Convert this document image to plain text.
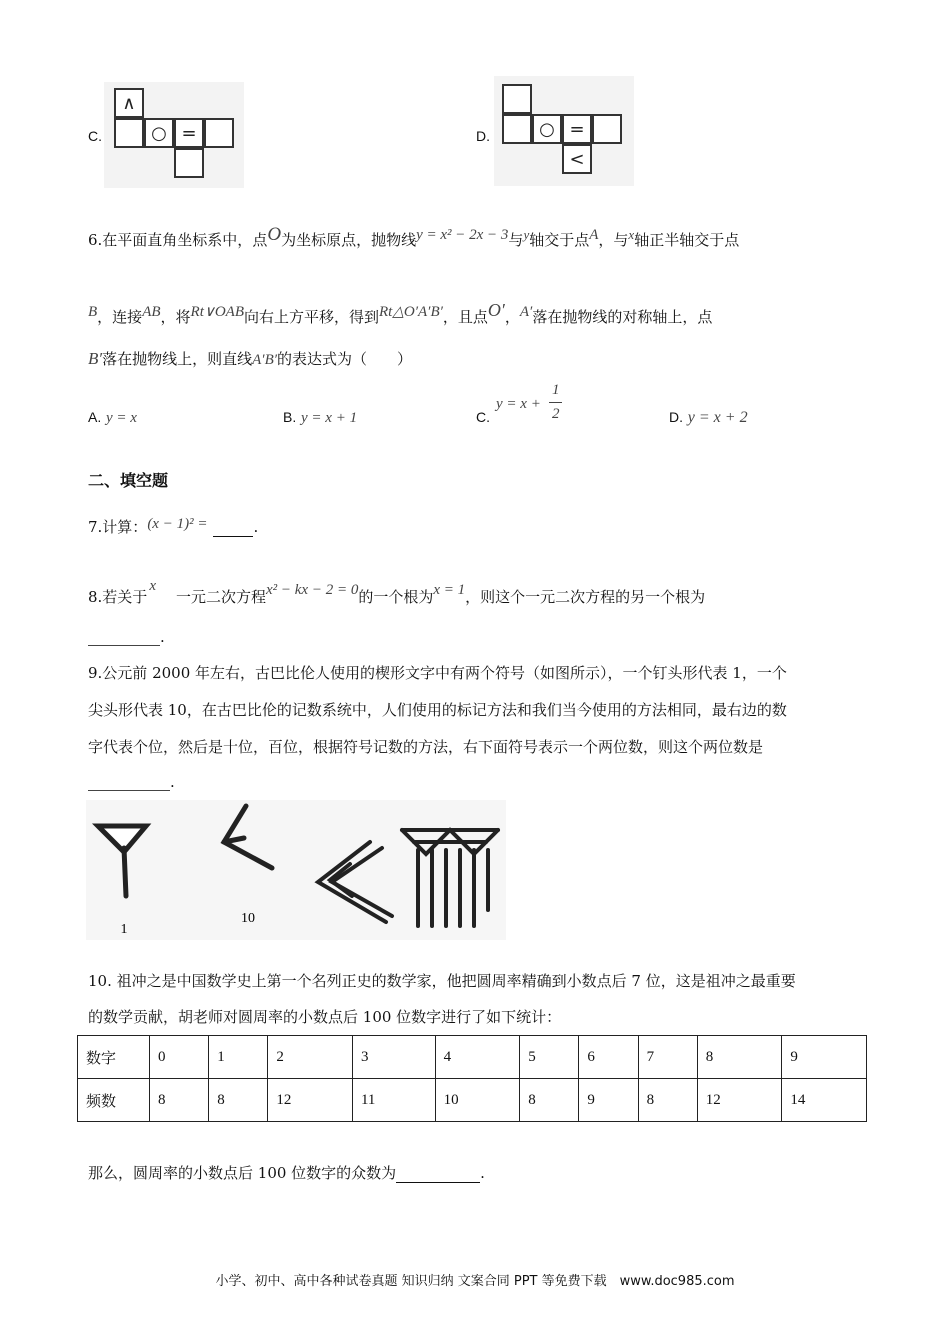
C.
∧
○ =	D.	○ =
<
6.在平面直角坐标系中，点O为坐标原点，抛物线y = x² − 2x − 3与y轴交于点A，与x轴正半轴交于点
B，连接AB，将Rt∨OAB向右上方平移，得到Rt△O′A′B′，且点O′，A′落在抛物线的对称轴上，点
B′落在抛物线上，则直线A′B′的表达式为（　　）
A. y = x	B. y = x + 1	C.
y = x +
1
2	D. y = x + 2
二、填空题
7.计算：(x − 1)² =	.
8.若关于x一元二次方程x² − kx − 2 = 0的一个根为x = 1，则这个一元二次方程的另一个根为
.
9.公元前 2000 年左右，古巴比伦人使用的楔形文字中有两个符号（如图所示），一个钉头形代表 1，一个
尖头形代表 10，在古巴比伦的记数系统中，人们使用的标记方法和我们当今使用的方法相同，最右边的数
字代表个位，然后是十位，百位，根据符号记数的方法，右下面符号表示一个两位数，则这个两位数是
.
1
10
10. 祖冲之是中国数学史上第一个名列正史的数学家，他把圆周率精确到小数点后 7 位，这是祖冲之最重要
的数学贡献，胡老师对圆周率的小数点后 100 位数字进行了如下统计：
数字	0	1	2	3	4	5	6	7	8	9
频数	8	8	12	11	10	8	9	8	12	14
那么，圆周率的小数点后 100 位数字的众数为	.
小学、初中、高中各种试卷真题 知识归纳 文案合同 PPT 等免费下载　www.doc985.com
